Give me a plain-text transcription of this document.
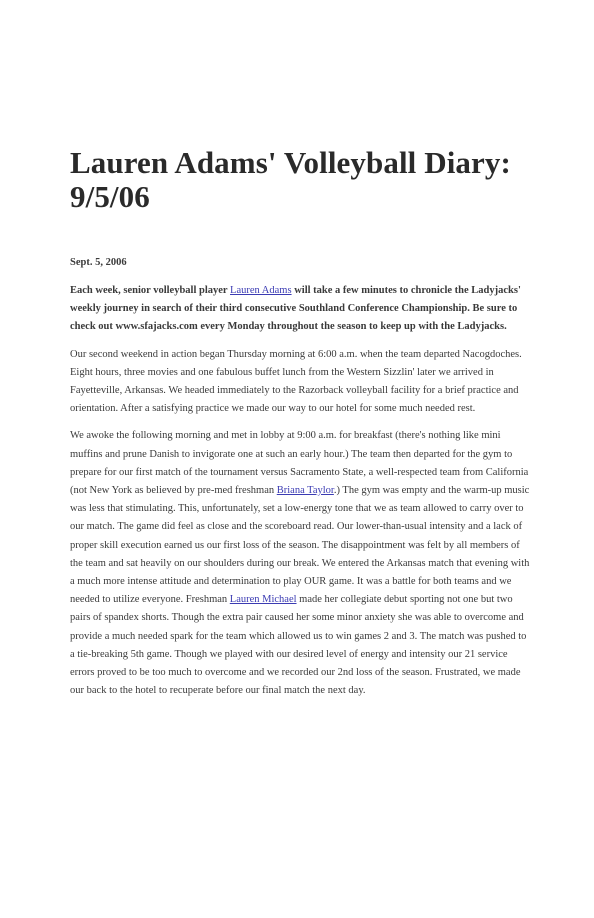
Lauren Adams' Volleyball Diary: 9/5/06

Sept. 5, 2006

Each week, senior volleyball player Lauren Adams will take a few minutes to chronicle the Ladyjacks' weekly journey in search of their third consecutive Southland Conference Championship. Be sure to check out www.sfajacks.com every Monday throughout the season to keep up with the Ladyjacks.

Our second weekend in action began Thursday morning at 6:00 a.m. when the team departed Nacogdoches. Eight hours, three movies and one fabulous buffet lunch from the Western Sizzlin' later we arrived in Fayetteville, Arkansas. We headed immediately to the Razorback volleyball facility for a brief practice and orientation. After a satisfying practice we made our way to our hotel for some much needed rest.

We awoke the following morning and met in lobby at 9:00 a.m. for breakfast (there's nothing like mini muffins and prune Danish to invigorate one at such an early hour.) The team then departed for the gym to prepare for our first match of the tournament versus Sacramento State, a well-respected team from California (not New York as believed by pre-med freshman Briana Taylor.) The gym was empty and the warm-up music was less that stimulating. This, unfortunately, set a low-energy tone that we as team allowed to carry over to our match. The game did feel as close and the scoreboard read. Our lower-than-usual intensity and a lack of proper skill execution earned us our first loss of the season. The disappointment was felt by all members of the team and sat heavily on our shoulders during our break. We entered the Arkansas match that evening with a much more intense attitude and determination to play OUR game. It was a battle for both teams and we needed to utilize everyone. Freshman Lauren Michael made her collegiate debut sporting not one but two pairs of spandex shorts. Though the extra pair caused her some minor anxiety she was able to overcome and provide a much needed spark for the team which allowed us to win games 2 and 3. The match was pushed to a tie-breaking 5th game. Though we played with our desired level of energy and intensity our 21 service errors proved to be too much to overcome and we recorded our 2nd loss of the season. Frustrated, we made our back to the hotel to recuperate before our final match the next day.
